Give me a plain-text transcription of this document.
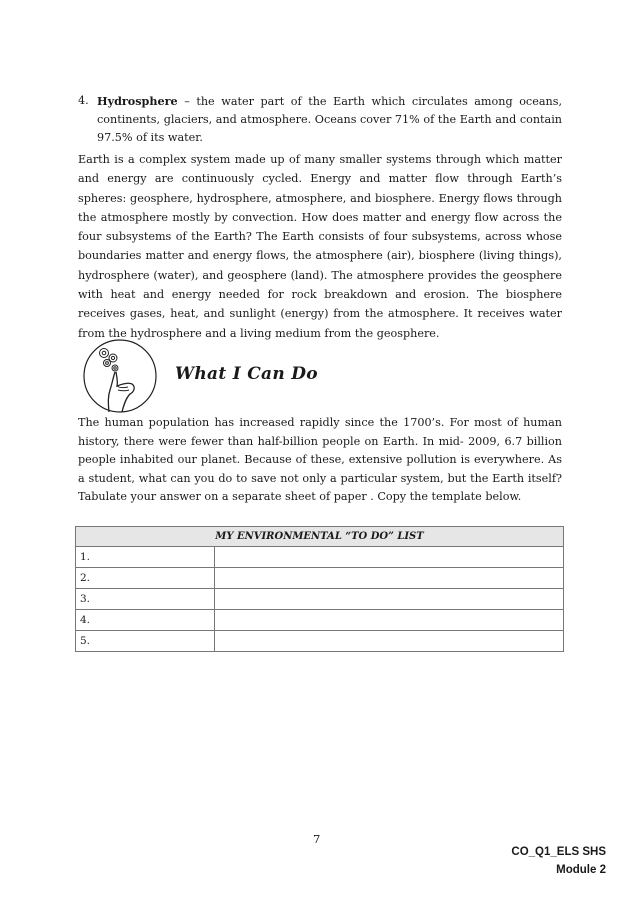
4. Hydrosphere – the water part of the Earth which circulates among oceans, continents, glaciers, and atmosphere. Oceans cover 71% of the Earth and contain 97.5% of its water.

Earth is a complex system made up of many smaller systems through which matter and energy are continuously cycled. Energy and matter flow through Earth’s spheres: geosphere, hydrosphere, atmosphere, and biosphere. Energy flows through the atmosphere mostly by convection. How does matter and energy flow across the four subsystems of the Earth? The Earth consists of four subsystems, across whose boundaries matter and energy flows, the atmosphere (air), biosphere (living things), hydrosphere (water), and geosphere (land). The atmosphere provides the geosphere with heat and energy needed for rock breakdown and erosion. The biosphere receives gases, heat, and sunlight (energy) from the atmosphere. It receives water from the hydrosphere and a living medium from the geosphere.

What I Can Do

The human population has increased rapidly since the 1700’s. For most of human history, there were fewer than half-billion people on Earth. In mid- 2009, 6.7 billion people inhabited our planet. Because of these, extensive pollution is everywhere. As a student, what can you do to save not only a particular system, but the Earth itself? Tabulate your answer on a separate sheet of paper . Copy the template below.

MY ENVIRONMENTAL “TO DO” LIST	
1.	
2.	
3.	
4.	
5.	
7
CO_Q1_ELS SHS
Module 2
